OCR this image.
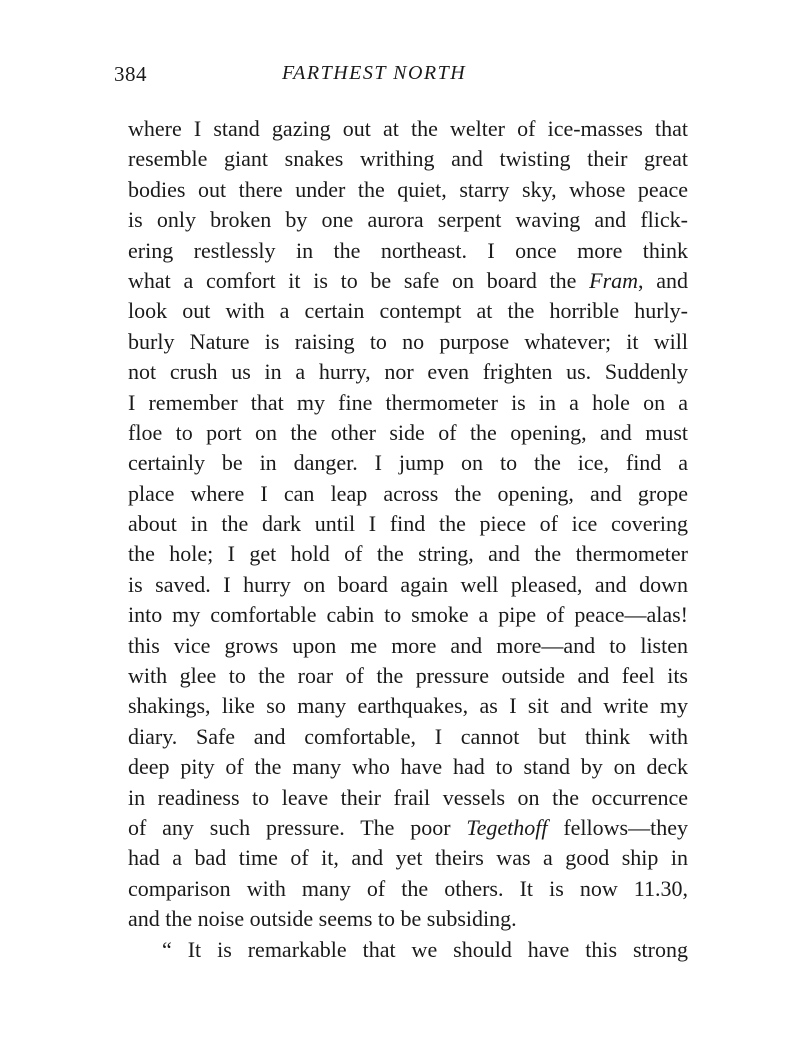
384	FARTHEST NORTH
where I stand gazing out at the welter of ice-masses that
resemble giant snakes writhing and twisting their great
bodies out there under the quiet, starry sky, whose peace
is only broken by one aurora serpent waving and flick-
ering restlessly in the northeast. I once more think
what a comfort it is to be safe on board the Fram, and
look out with a certain contempt at the horrible hurly-
burly Nature is raising to no purpose whatever; it will
not crush us in a hurry, nor even frighten us. Suddenly
I remember that my fine thermometer is in a hole on a
floe to port on the other side of the opening, and must
certainly be in danger. I jump on to the ice, find a
place where I can leap across the opening, and grope
about in the dark until I find the piece of ice covering
the hole; I get hold of the string, and the thermometer
is saved. I hurry on board again well pleased, and down
into my comfortable cabin to smoke a pipe of peace—alas!
this vice grows upon me more and more—and to listen
with glee to the roar of the pressure outside and feel its
shakings, like so many earthquakes, as I sit and write my
diary. Safe and comfortable, I cannot but think with
deep pity of the many who have had to stand by on deck
in readiness to leave their frail vessels on the occurrence
of any such pressure. The poor Tegethoff fellows—they
had a bad time of it, and yet theirs was a good ship in
comparison with many of the others. It is now 11.30,
and the noise outside seems to be subsiding.
“ It is remarkable that we should have this strong
